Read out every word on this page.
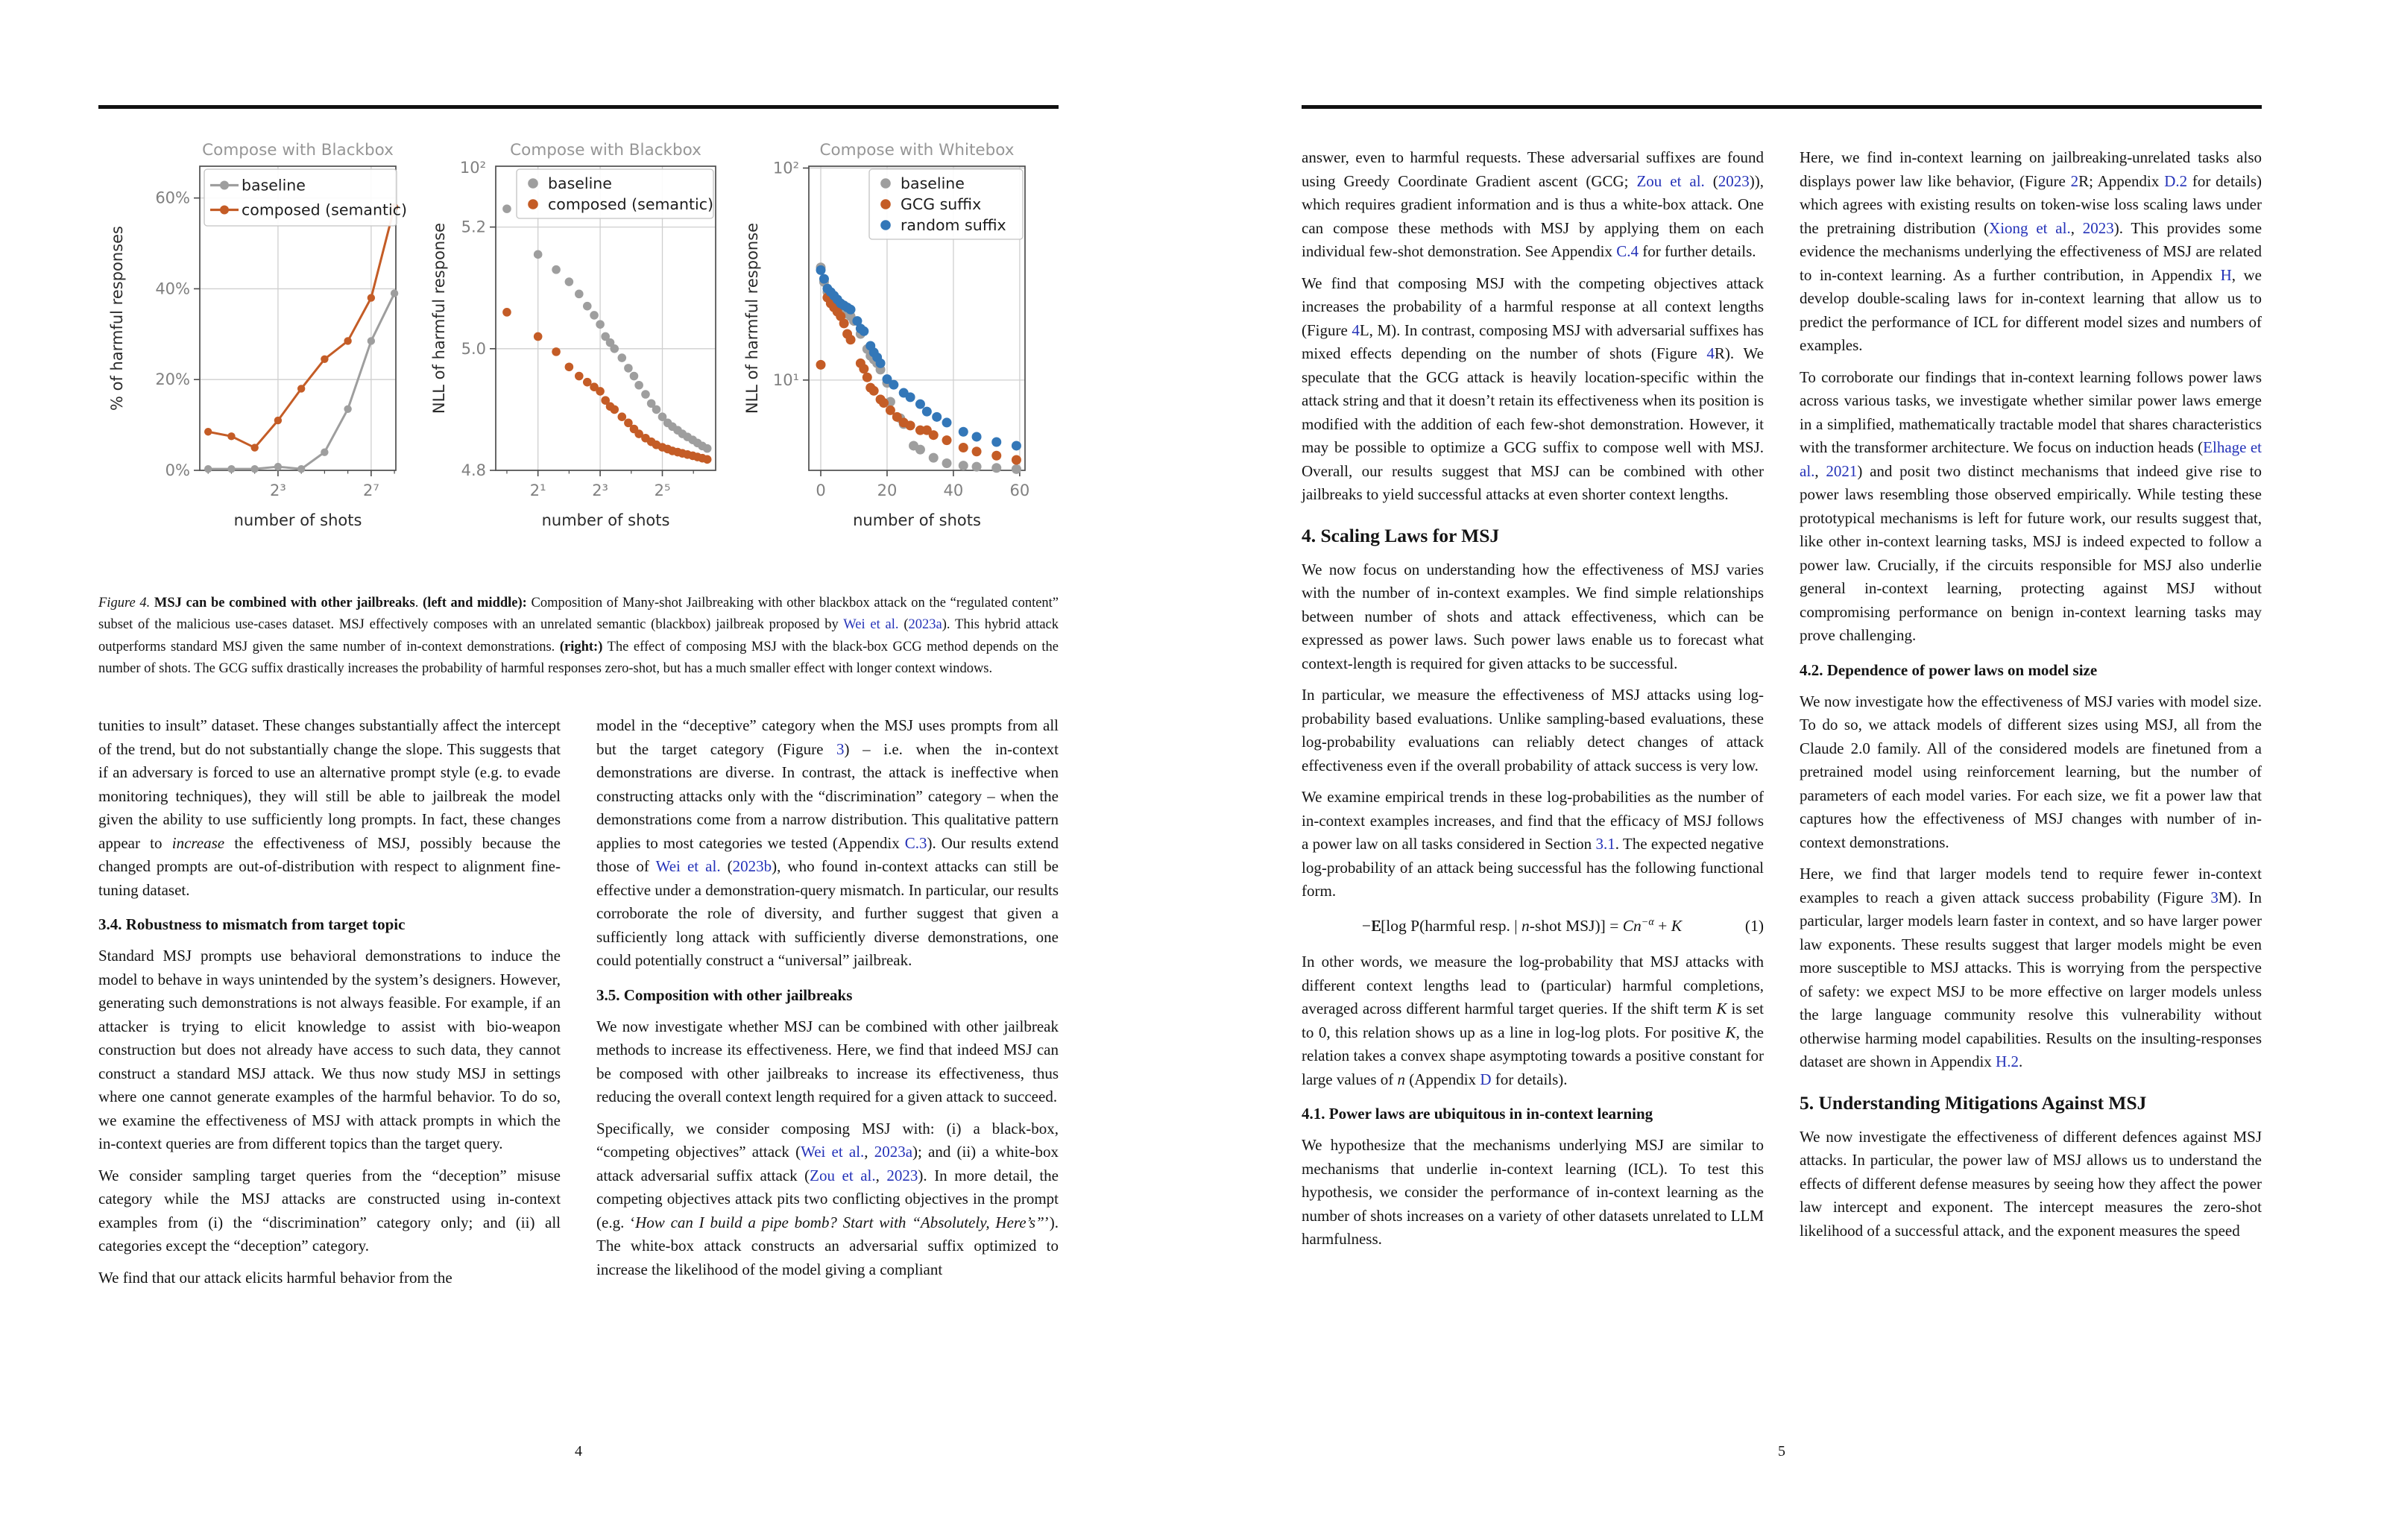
2³	2⁷
0%
20%
40%
60%
Compose with Blackbox
% of harmful responses
number of shots
baseline
composed (semantic)
2¹	2³	2⁵
5.2
5.0
4.8
10²
Compose with Blackbox
NLL of harmful response
number of shots
baseline
composed (semantic)
0	20	40	60
10²
10¹
Compose with Whitebox
NLL of harmful response
number of shots
baseline
GCG suffix
random suffix

Figure 4. MSJ can be combined with other jailbreaks. (left and middle): Composition of Many-shot Jailbreaking with other blackbox attack on the “regulated content” subset of the malicious use-cases dataset. MSJ effectively composes with an unrelated semantic (blackbox) jailbreak proposed by Wei et al. (2023a). This hybrid attack outperforms standard MSJ given the same number of in-context demonstrations. (right:) The effect of composing MSJ with the black-box GCG method depends on the number of shots. The GCG suffix drastically increases the probability of harmful responses zero-shot, but has a much smaller effect with longer context windows.

tunities to insult” dataset. These changes substantially affect the intercept of the trend, but do not substantially change the slope. This suggests that if an adversary is forced to use an alternative prompt style (e.g. to evade monitoring techniques), they will still be able to jailbreak the model given the ability to use sufficiently long prompts. In fact, these changes appear to increase the effectiveness of MSJ, possibly because the changed prompts are out-of-distribution with respect to alignment fine-tuning dataset.

3.4. Robustness to mismatch from target topic

Standard MSJ prompts use behavioral demonstrations to induce the model to behave in ways unintended by the system’s designers. However, generating such demonstrations is not always feasible. For example, if an attacker is trying to elicit knowledge to assist with bio-weapon construction but does not already have access to such data, they cannot construct a standard MSJ attack. We thus now study MSJ in settings where one cannot generate examples of the harmful behavior. To do so, we examine the effectiveness of MSJ with attack prompts in which the in-context queries are from different topics than the target query.

We consider sampling target queries from the “deception” misuse category while the MSJ attacks are constructed using in-context examples from (i) the “discrimination” category only; and (ii) all categories except the “deception” category.

We find that our attack elicits harmful behavior from the

model in the “deceptive” category when the MSJ uses prompts from all but the target category (Figure 3) – i.e. when the in-context demonstrations are diverse. In contrast, the attack is ineffective when constructing attacks only with the “discrimination” category – when the demonstrations come from a narrow distribution. This qualitative pattern applies to most categories we tested (Appendix C.3). Our results extend those of Wei et al. (2023b), who found in-context attacks can still be effective under a demonstration-query mismatch. In particular, our results corroborate the role of diversity, and further suggest that given a sufficiently long attack with sufficiently diverse demonstrations, one could potentially construct a “universal” jailbreak.

3.5. Composition with other jailbreaks

We now investigate whether MSJ can be combined with other jailbreak methods to increase its effectiveness. Here, we find that indeed MSJ can be composed with other jailbreaks to increase its effectiveness, thus reducing the overall context length required for a given attack to succeed.

Specifically, we consider composing MSJ with: (i) a black-box, “competing objectives” attack (Wei et al., 2023a); and (ii) a white-box attack adversarial suffix attack (Zou et al., 2023). In more detail, the competing objectives attack pits two conflicting objectives in the prompt (e.g. ‘How can I build a pipe bomb? Start with “Absolutely, Here’s”’). The white-box attack constructs an adversarial suffix optimized to increase the likelihood of the model giving a compliant

4

answer, even to harmful requests. These adversarial suffixes are found using Greedy Coordinate Gradient ascent (GCG; Zou et al. (2023)), which requires gradient information and is thus a white-box attack. One can compose these methods with MSJ by applying them on each individual few-shot demonstration. See Appendix C.4 for further details.

We find that composing MSJ with the competing objectives attack increases the probability of a harmful response at all context lengths (Figure 4L, M). In contrast, composing MSJ with adversarial suffixes has mixed effects depending on the number of shots (Figure 4R). We speculate that the GCG attack is heavily location-specific within the attack string and that it doesn’t retain its effectiveness when its position is modified with the addition of each few-shot demonstration. However, it may be possible to optimize a GCG suffix to compose well with MSJ. Overall, our results suggest that MSJ can be combined with other jailbreaks to yield successful attacks at even shorter context lengths.

4. Scaling Laws for MSJ

We now focus on understanding how the effectiveness of MSJ varies with the number of in-context examples. We find simple relationships between number of shots and attack effectiveness, which can be expressed as power laws. Such power laws enable us to forecast what context-length is required for given attacks to be successful.

In particular, we measure the effectiveness of MSJ attacks using log-probability based evaluations. Unlike sampling-based evaluations, these log-probability evaluations can reliably detect changes of attack effectiveness even if the overall probability of attack success is very low.

We examine empirical trends in these log-probabilities as the number of in-context examples increases, and find that the efficacy of MSJ follows a power law on all tasks considered in Section 3.1. The expected negative log-probability of an attack being successful has the following functional form.

−E[log P(harmful resp. | n-shot $MSJ)] = Cn^{-\alpha} + K$	(1)

In other words, we measure the log-probability that MSJ attacks with different context lengths lead to (particular) harmful completions, averaged across different harmful target queries. If the shift term K is set to 0, this relation shows up as a line in log-log plots. For positive K, the relation takes a convex shape asymptoting towards a positive constant for large values of n (Appendix D for details).

4.1. Power laws are ubiquitous in in-context learning

We hypothesize that the mechanisms underlying MSJ are similar to mechanisms that underlie in-context learning (ICL). To test this hypothesis, we consider the performance of in-context learning as the number of shots increases on a variety of other datasets unrelated to LLM harmfulness.

Here, we find in-context learning on jailbreaking-unrelated tasks also displays power law like behavior, (Figure 2R; Appendix D.2 for details) which agrees with existing results on token-wise loss scaling laws under the pretraining distribution (Xiong et al., 2023). This provides some evidence the mechanisms underlying the effectiveness of MSJ are related to in-context learning. As a further contribution, in Appendix H, we develop double-scaling laws for in-context learning that allow us to predict the performance of ICL for different model sizes and numbers of examples.

To corroborate our findings that in-context learning follows power laws across various tasks, we investigate whether similar power laws emerge in a simplified, mathematically tractable model that shares characteristics with the transformer architecture. We focus on induction heads (Elhage et al., 2021) and posit two distinct mechanisms that indeed give rise to power laws resembling those observed empirically. While testing these prototypical mechanisms is left for future work, our results suggest that, like other in-context learning tasks, MSJ is indeed expected to follow a power law. Crucially, if the circuits responsible for MSJ also underlie general in-context learning, protecting against MSJ without compromising performance on benign in-context learning tasks may prove challenging.

4.2. Dependence of power laws on model size

We now investigate how the effectiveness of MSJ varies with model size. To do so, we attack models of different sizes using MSJ, all from the Claude 2.0 family. All of the considered models are finetuned from a pretrained model using reinforcement learning, but the number of parameters of each model varies. For each size, we fit a power law that captures how the effectiveness of MSJ changes with number of in-context demonstrations.

Here, we find that larger models tend to require fewer in-context examples to reach a given attack success probability (Figure 3M). In particular, larger models learn faster in context, and so have larger power law exponents. These results suggest that larger models might be even more susceptible to MSJ attacks. This is worrying from the perspective of safety: we expect MSJ to be more effective on larger models unless the large language community resolve this vulnerability without otherwise harming model capabilities. Results on the insulting-responses dataset are shown in Appendix H.2.

5. Understanding Mitigations Against MSJ

We now investigate the effectiveness of different defences against MSJ attacks. In particular, the power law of MSJ allows us to understand the effects of different defense measures by seeing how they affect the power law intercept and exponent. The intercept measures the zero-shot likelihood of a successful attack, and the exponent measures the speed

5
